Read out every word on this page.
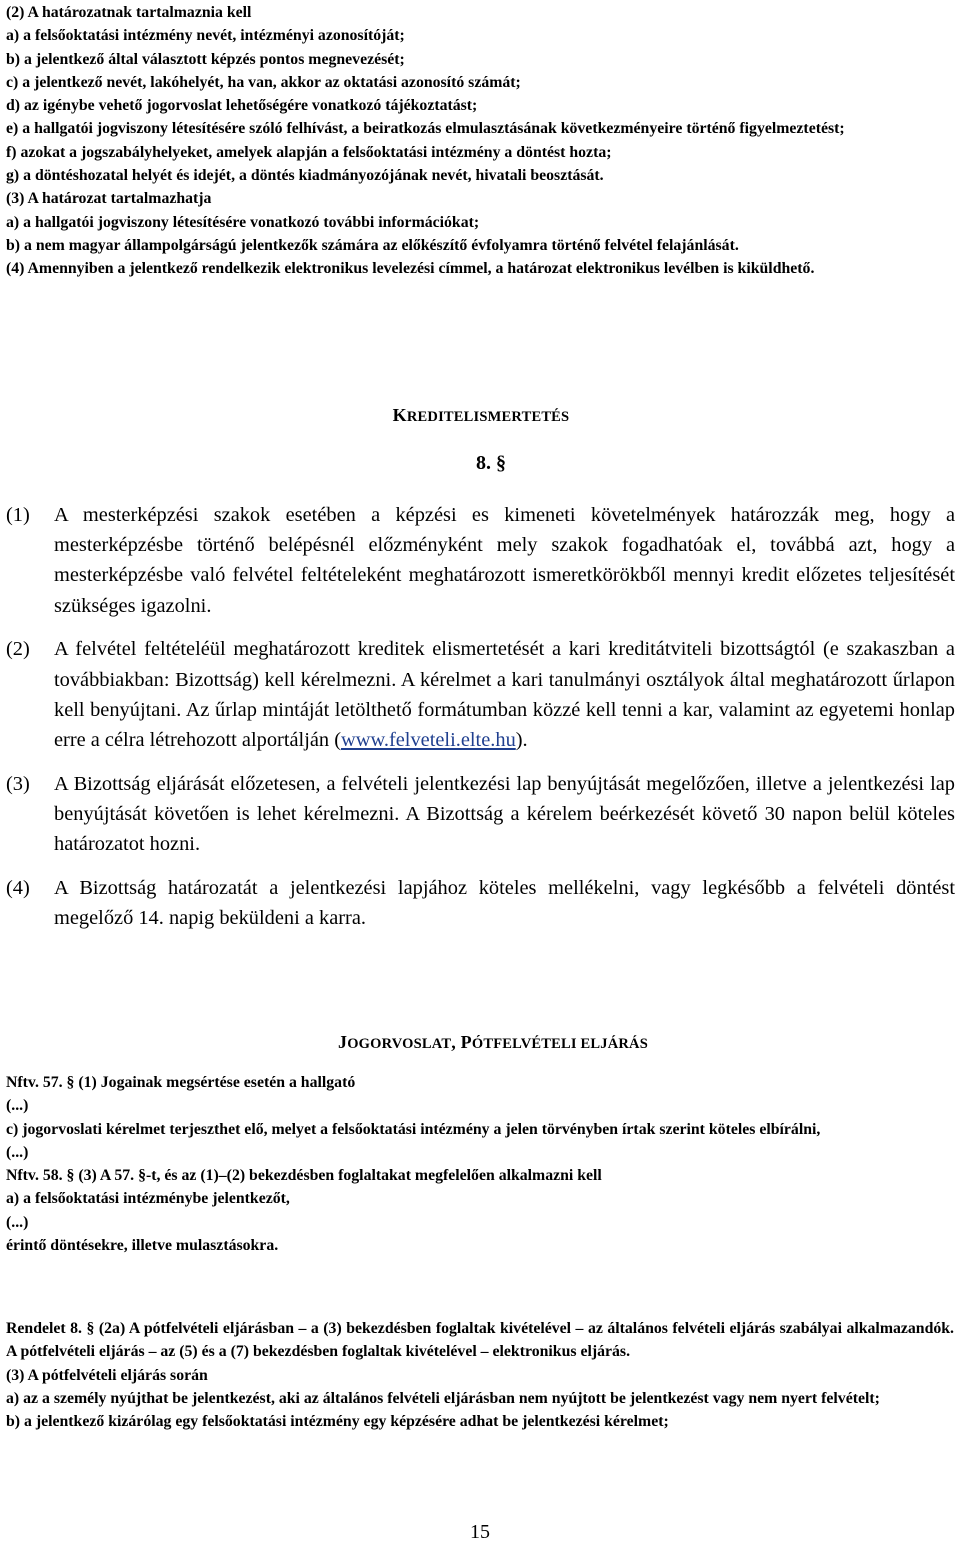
(2) A határozatnak tartalmaznia kell

a) a felsőoktatási intézmény nevét, intézményi azonosítóját;

b) a jelentkező által választott képzés pontos megnevezését;

c) a jelentkező nevét, lakóhelyét, ha van, akkor az oktatási azonosító számát;

d) az igénybe vehető jogorvoslat lehetőségére vonatkozó tájékoztatást;

e) a hallgatói jogviszony létesítésére szóló felhívást, a beiratkozás elmulasztásának következményeire történő figyelmeztetést;

f) azokat a jogszabályhelyeket, amelyek alapján a felsőoktatási intézmény a döntést hozta;

g) a döntéshozatal helyét és idejét, a döntés kiadmányozójának nevét, hivatali beosztását.

(3) A határozat tartalmazhatja

a) a hallgatói jogviszony létesítésére vonatkozó további információkat;

b) a nem magyar állampolgárságú jelentkezők számára az előkészítő évfolyamra történő felvétel felajánlását.

(4) Amennyiben a jelentkező rendelkezik elektronikus levelezési címmel, a határozat elektronikus levélben is kiküldhető.

KREDITELISMERTETÉS
8. §
(1)	A mesterképzési szakok esetében a képzési es kimeneti követelmények határozzák meg, hogy a mesterképzésbe történő belépésnél előzményként mely szakok fogadhatóak el, továbbá azt, hogy a mesterképzésbe való felvétel feltételeként meghatározott ismeretkörökből mennyi kredit előzetes teljesítését szükséges igazolni.
(2)	A felvétel feltételéül meghatározott kreditek elismertetését a kari kreditátviteli bizottságtól (e szakaszban a továbbiakban: Bizottság) kell kérelmezni. A kérelmet a kari tanulmányi osztályok által meghatározott űrlapon kell benyújtani. Az űrlap mintáját letölthető formátumban közzé kell tenni a kar, valamint az egyetemi honlap erre a célra létrehozott alportálján (www.felveteli.elte.hu).
(3)	A Bizottság eljárását előzetesen, a felvételi jelentkezési lap benyújtását megelőzően, illetve a jelentkezési lap benyújtását követően is lehet kérelmezni. A Bizottság a kérelem beérkezését követő 30 napon belül köteles határozatot hozni.
(4)	A Bizottság határozatát a jelentkezési lapjához köteles mellékelni, vagy legkésőbb a felvételi döntést megelőző 14. napig beküldeni a karra.
JOGORVOSLAT, PÓTFELVÉTELI ELJÁRÁS

Nftv. 57. § (1) Jogainak megsértése esetén a hallgató

(...)

c) jogorvoslati kérelmet terjeszthet elő, melyet a felsőoktatási intézmény a jelen törvényben írtak szerint köteles elbírálni,

(...)

Nftv. 58. § (3) A 57. §-t, és az (1)–(2) bekezdésben foglaltakat megfelelően alkalmazni kell

a) a felsőoktatási intézménybe jelentkezőt,

(...)

érintő döntésekre, illetve mulasztásokra.

Rendelet 8. § (2a) A pótfelvételi eljárásban – a (3) bekezdésben foglaltak kivételével – az általános felvételi eljárás szabályai alkalmazandók. A pótfelvételi eljárás – az (5) és a (7) bekezdésben foglaltak kivételével – elektronikus eljárás.

(3) A pótfelvételi eljárás során

a) az a személy nyújthat be jelentkezést, aki az általános felvételi eljárásban nem nyújtott be jelentkezést vagy nem nyert felvételt;

b) a jelentkező kizárólag egy felsőoktatási intézmény egy képzésére adhat be jelentkezési kérelmet;

15
